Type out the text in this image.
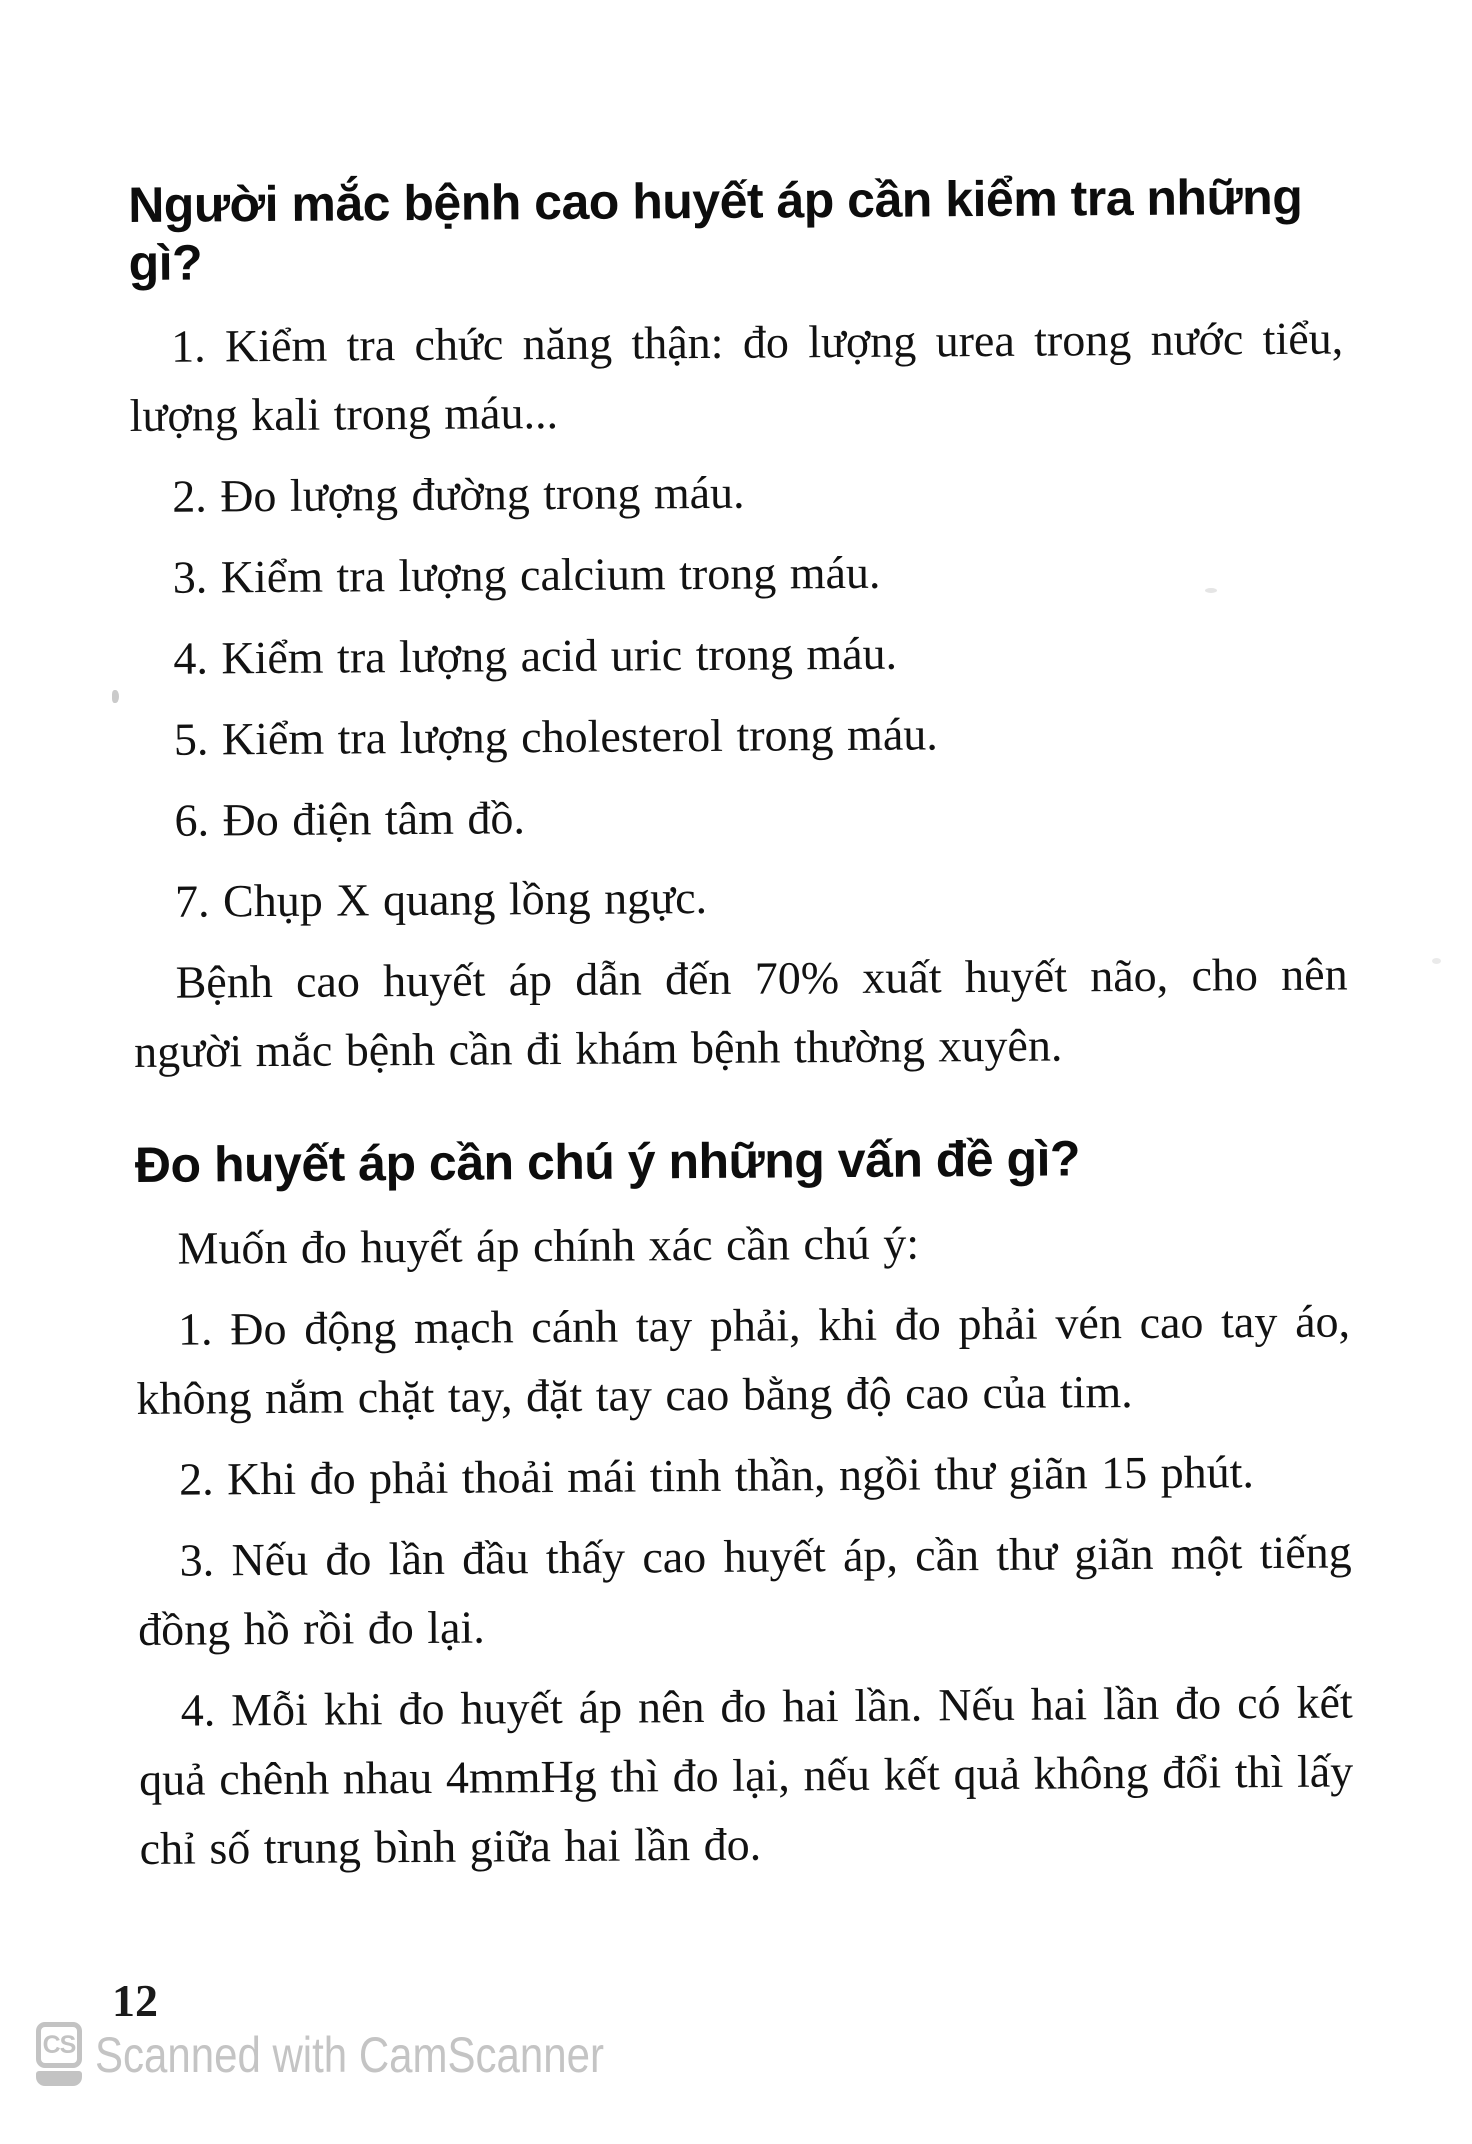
Người mắc bệnh cao huyết áp cần kiểm tra những gì?

1. Kiểm tra chức năng thận: đo lượng urea trong nước tiểu, lượng kali trong máu...

2. Đo lượng đường trong máu.

3. Kiểm tra lượng calcium trong máu.

4. Kiểm tra lượng acid uric trong máu.

5. Kiểm tra lượng cholesterol trong máu.

6. Đo điện tâm đồ.

7. Chụp X quang lồng ngực.

Bệnh cao huyết áp dẫn đến 70% xuất huyết não, cho nên người mắc bệnh cần đi khám bệnh thường xuyên.

Đo huyết áp cần chú ý những vấn đề gì?

Muốn đo huyết áp chính xác cần chú ý:

1. Đo động mạch cánh tay phải, khi đo phải vén cao tay áo, không nắm chặt tay, đặt tay cao bằng độ cao của tim.

2. Khi đo phải thoải mái tinh thần, ngồi thư giãn 15 phút.

3. Nếu đo lần đầu thấy cao huyết áp, cần thư giãn một tiếng đồng hồ rồi đo lại.

4. Mỗi khi đo huyết áp nên đo hai lần. Nếu hai lần đo có kết quả chênh nhau 4mmHg thì đo lại, nếu kết quả không đổi thì lấy chỉ số trung bình giữa hai lần đo.

12
CS Scanned with CamScanner
